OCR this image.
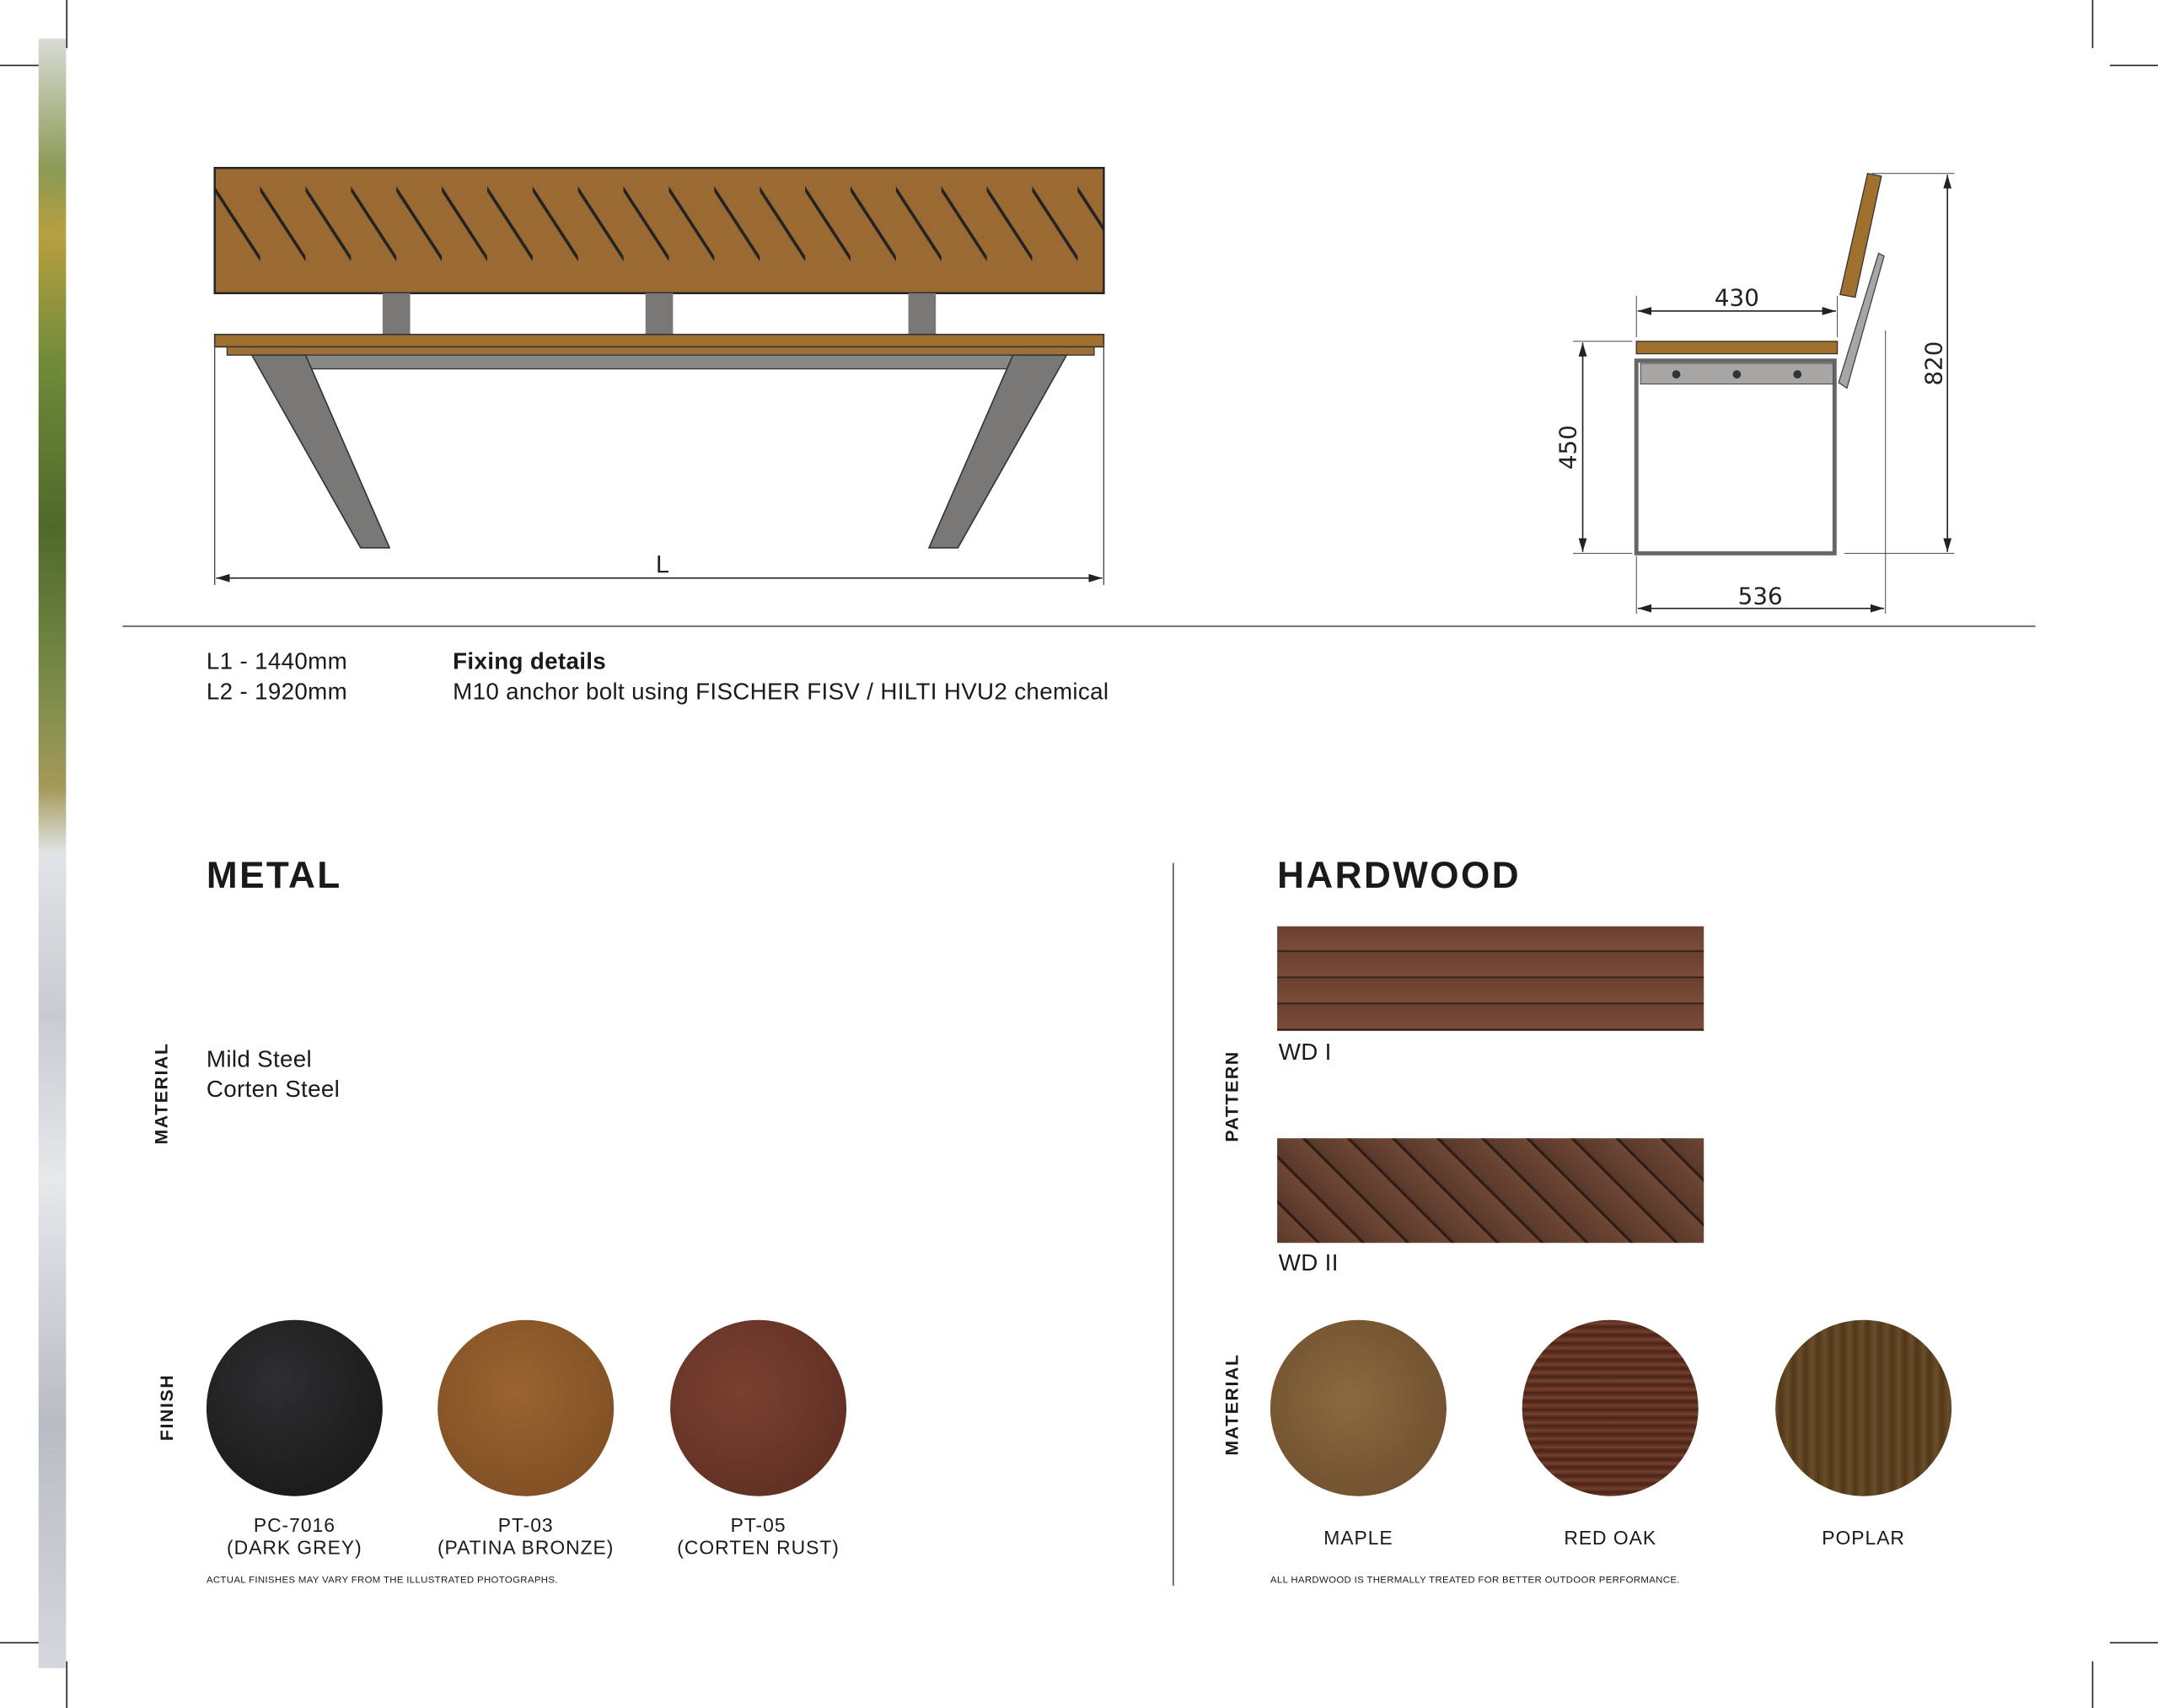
L
430
536
450
820
L1 - 1440mm
L2 - 1920mm
Fixing details
M10 anchor bolt using FISCHER FISV / HILTI HVU2 chemical
METAL
MATERIAL Mild Steel
Corten Steel
FINISH
PC-7016
(DARK GREY)
PT-03
(PATINA BRONZE)
PT-05
(CORTEN RUST)
ACTUAL FINISHES MAY VARY FROM THE ILLUSTRATED PHOTOGRAPHS.
HARDWOOD
PATTERN	WD I
WD II
MATERIAL
MAPLE	RED OAK	POPLAR
ALL HARDWOOD IS THERMALLY TREATED FOR BETTER OUTDOOR PERFORMANCE.
